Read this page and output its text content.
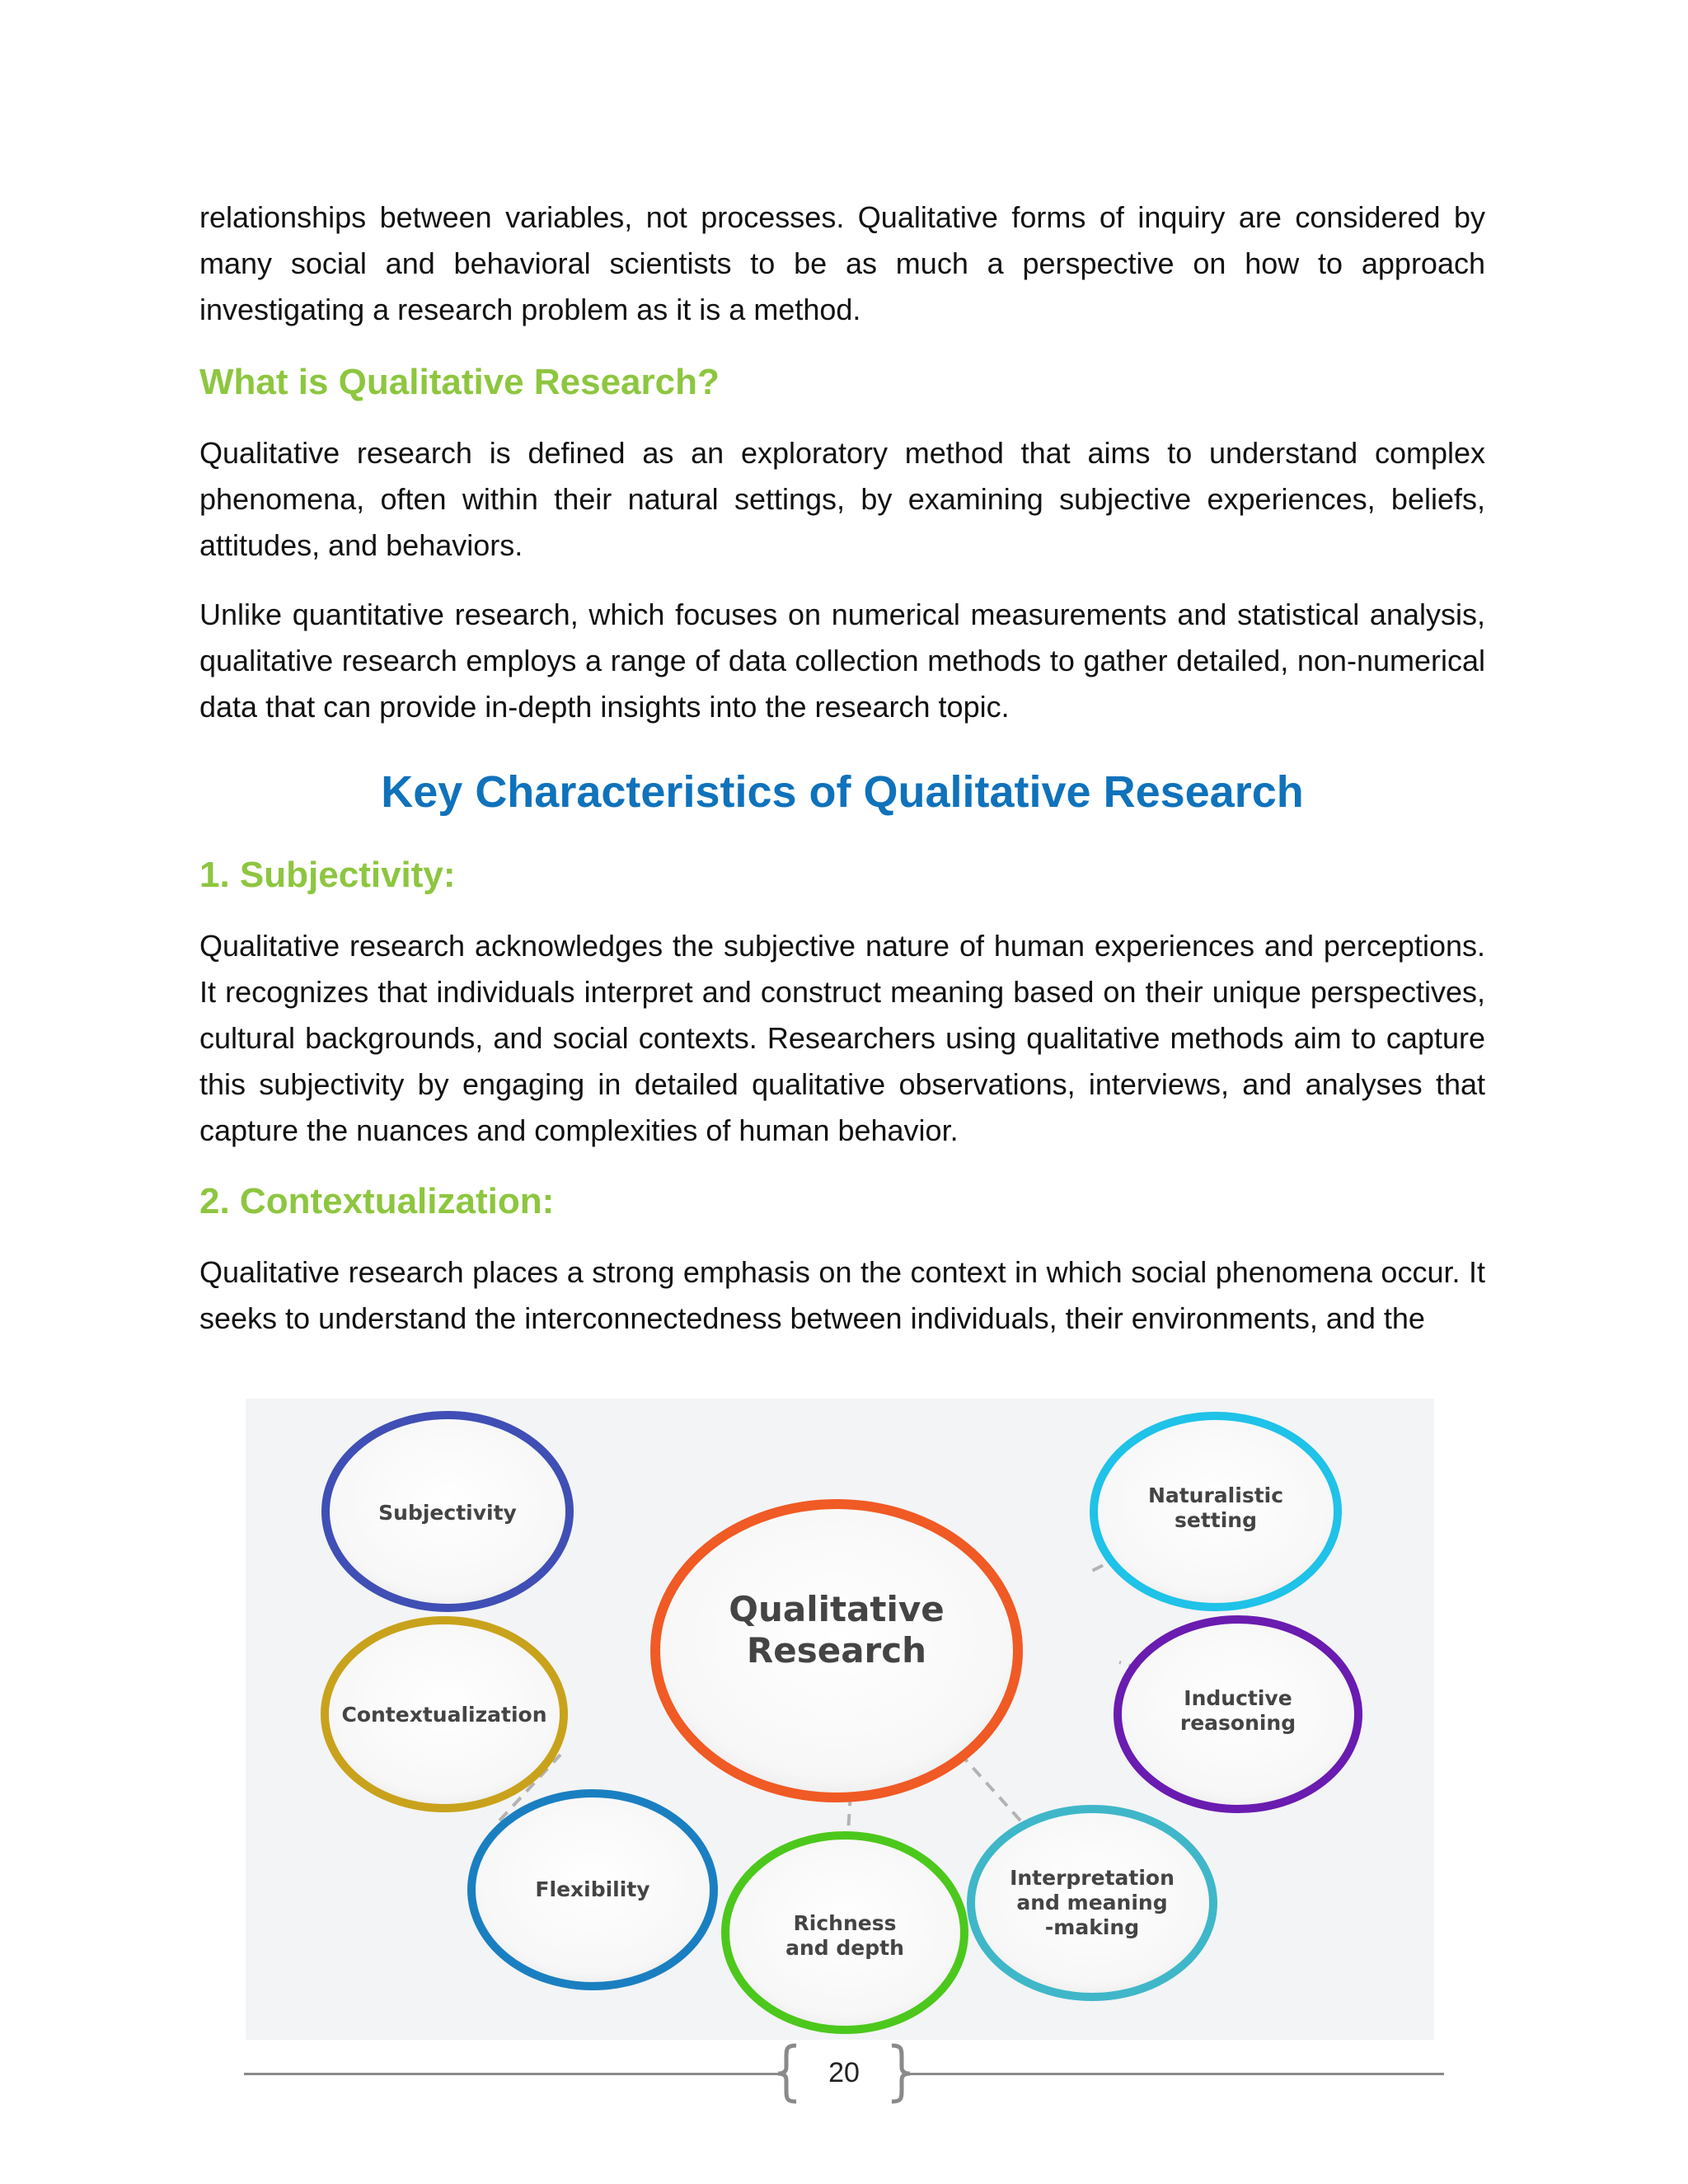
relationships between variables, not processes. Qualitative forms of inquiry are considered by many social and behavioral scientists to be as much a perspective on how to approach investigating a research problem as it is a method.

What is Qualitative Research?

Qualitative research is defined as an exploratory method that aims to understand complex phenomena, often within their natural settings, by examining subjective experiences, beliefs, attitudes, and behaviors.

Unlike quantitative research, which focuses on numerical measurements and statistical analysis, qualitative research employs a range of data collection methods to gather detailed, non-numerical data that can provide in-depth insights into the research topic.

Key Characteristics of Qualitative Research
1. Subjectivity:

Qualitative research acknowledges the subjective nature of human experiences and perceptions. It recognizes that individuals interpret and construct meaning based on their unique perspectives, cultural backgrounds, and social contexts. Researchers using qualitative methods aim to capture this subjectivity by engaging in detailed qualitative observations, interviews, and analyses that capture the nuances and complexities of human behavior.

2. Contextualization:

Qualitative research places a strong emphasis on the context in which social phenomena occur. It seeks to understand the interconnectedness between individuals, their environments, and the

Qualitative
Research
Subjectivity
Naturalistic
setting
Contextualization
Inductive
reasoning
Flexibility
Richness
and depth
Interpretation
and meaning
-making
20
